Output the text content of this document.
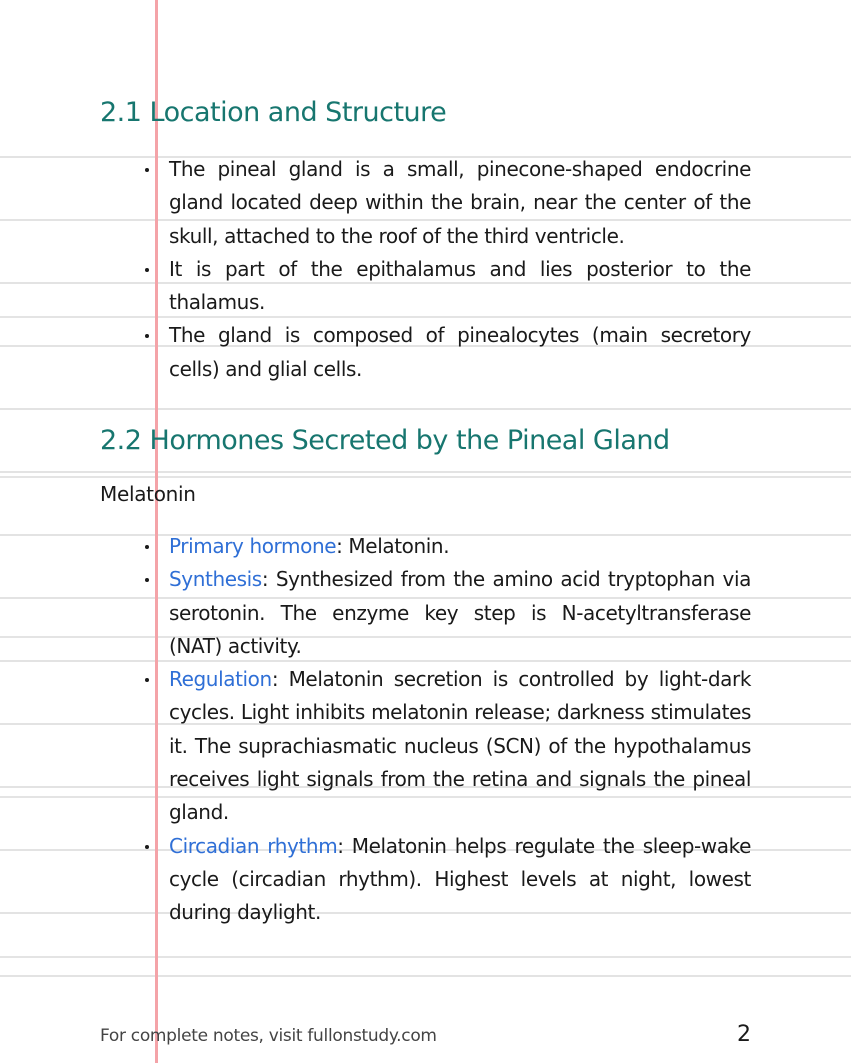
2.1 Location and Structure
The pineal gland is a small, pinecone-shaped endocrine gland located deep within the brain, near the center of the skull, attached to the roof of the third ventricle.
It is part of the epithalamus and lies posterior to the thalamus.
The gland is composed of pinealocytes (main secretory cells) and glial cells.
2.2 Hormones Secreted by the Pineal Gland
Melatonin
Primary hormone: Melatonin.
Synthesis: Synthesized from the amino acid tryptophan via serotonin. The enzyme key step is N-acetyltransferase (NAT) activity.
Regulation: Melatonin secretion is controlled by light-dark cycles. Light inhibits melatonin release; darkness stimulates it. The suprachiasmatic nucleus (SCN) of the hypothalamus receives light signals from the retina and signals the pineal gland.
Circadian rhythm: Melatonin helps regulate the sleep-wake cycle (circadian rhythm). Highest levels at night, lowest during daylight.
For complete notes, visit fullonstudy.com	2
